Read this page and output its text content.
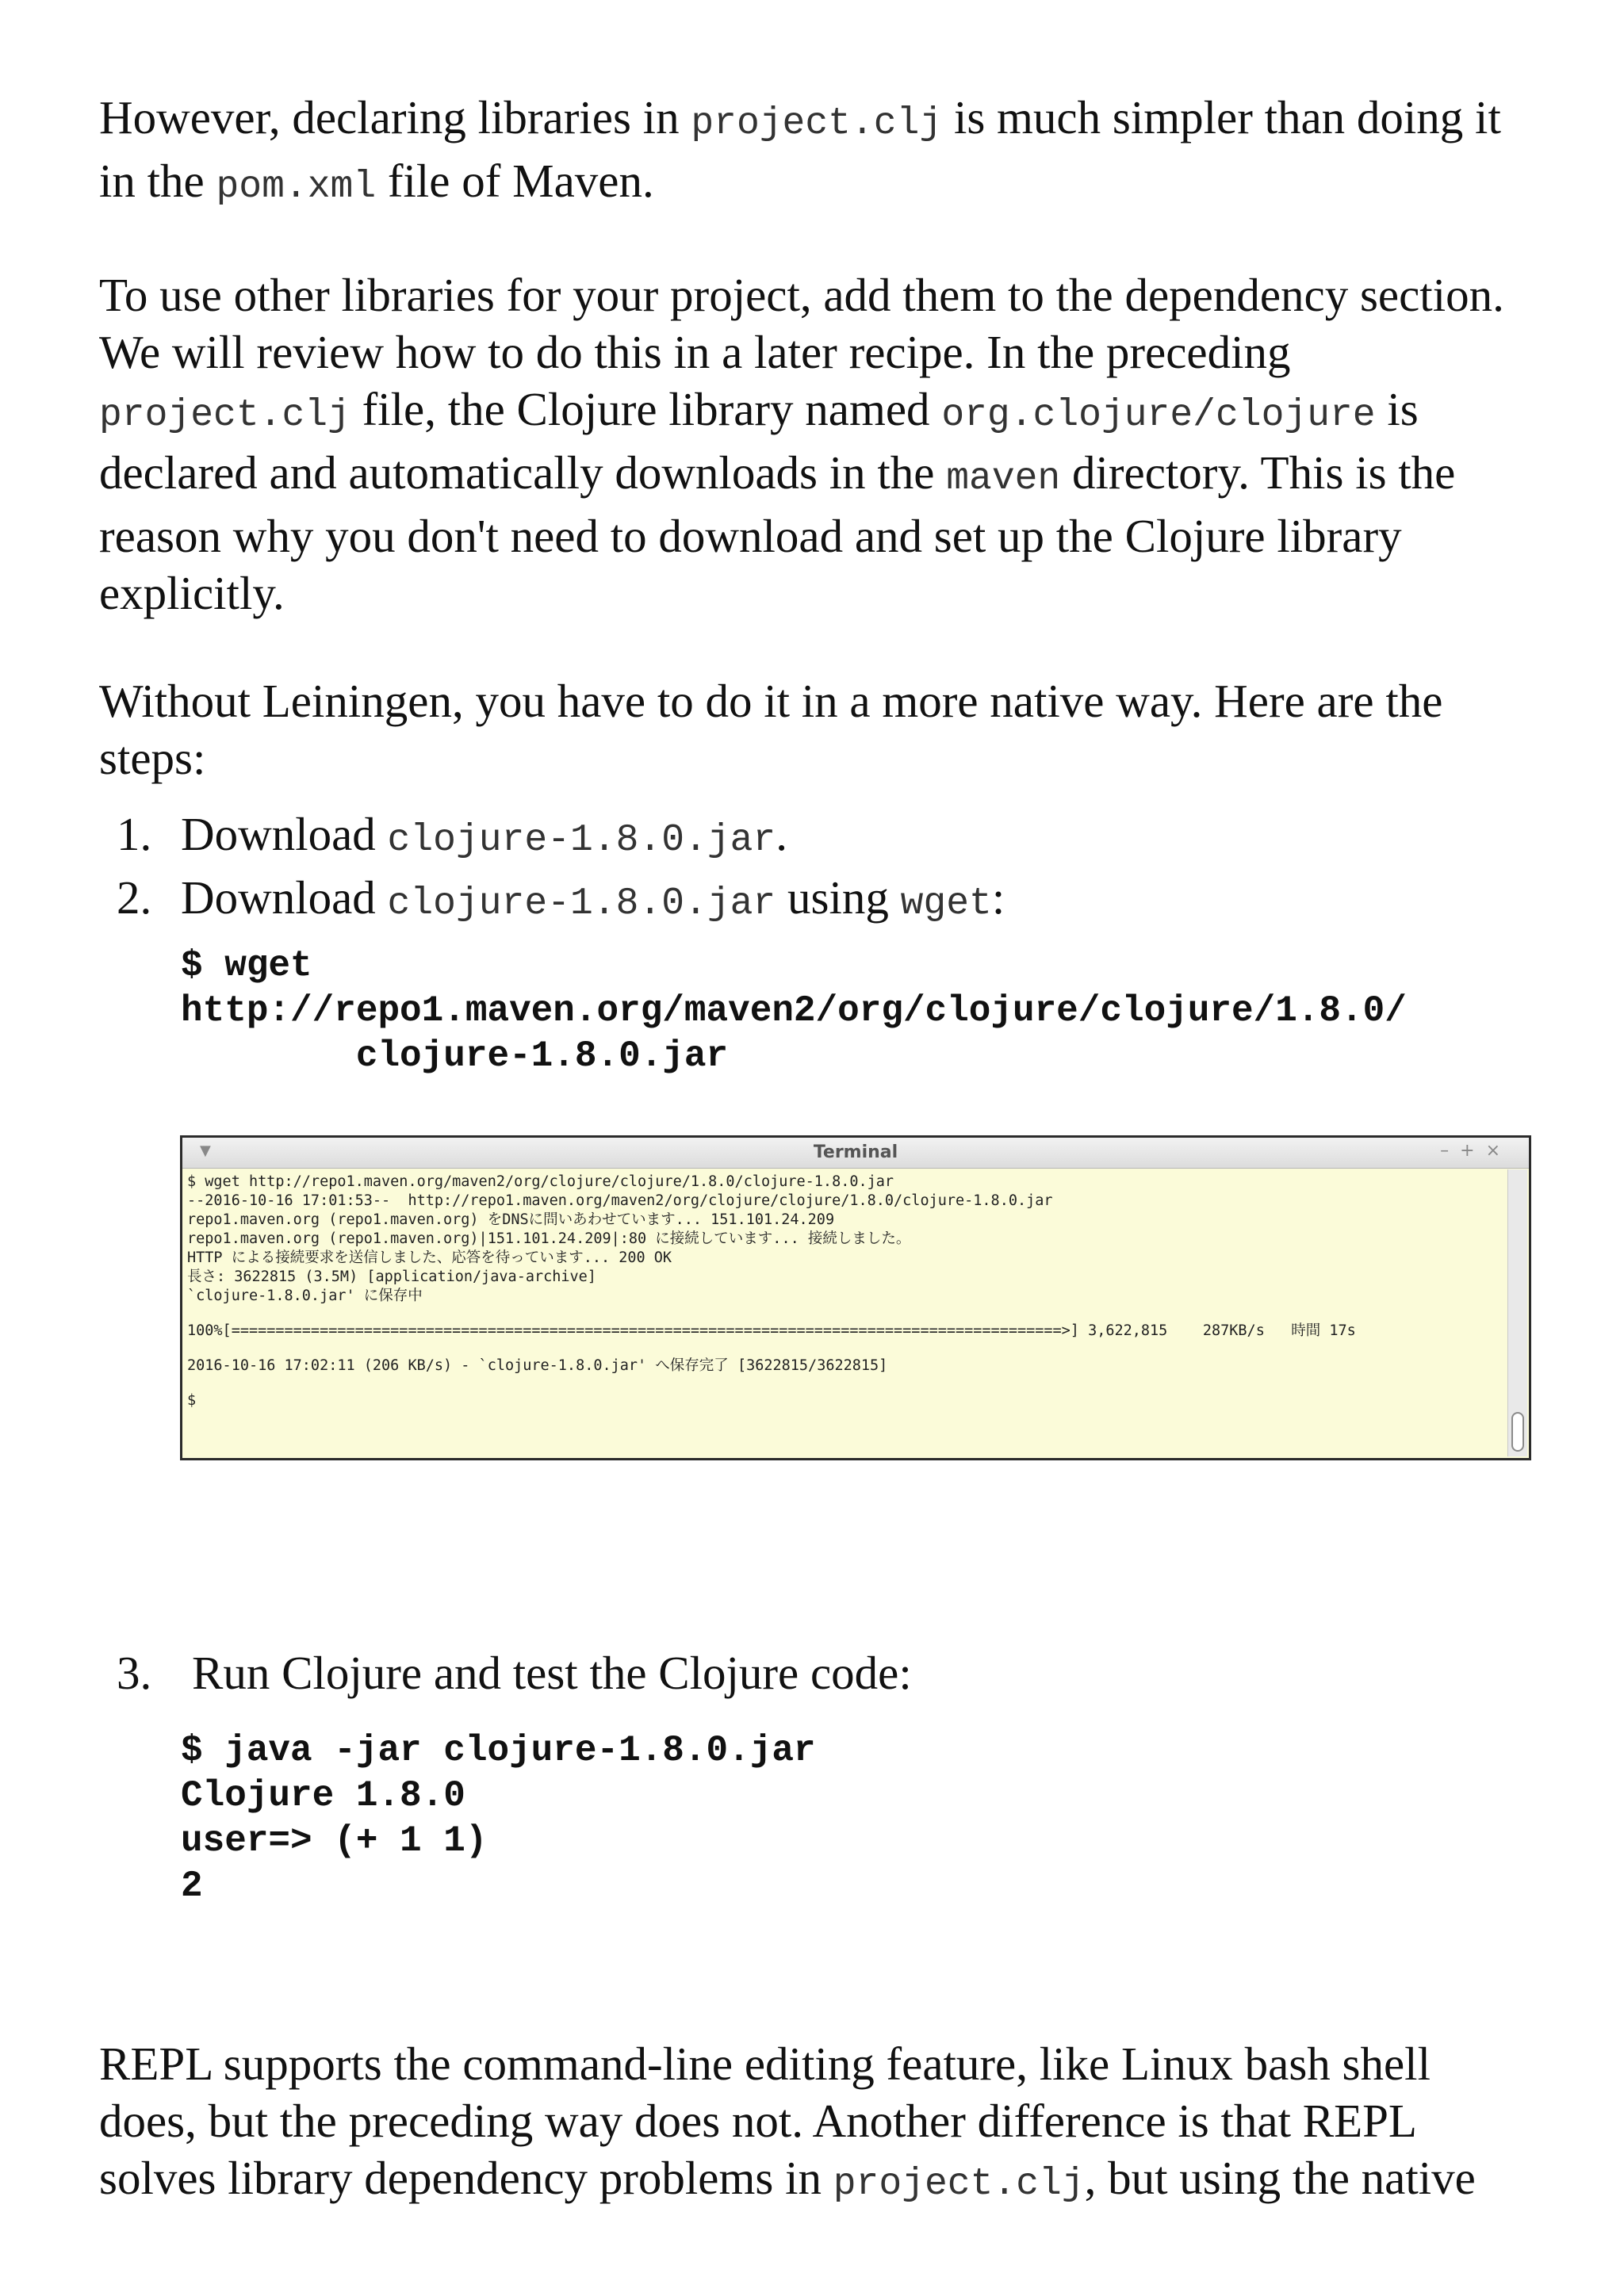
However, declaring libraries in project.clj is much simpler than doing it in the pom.xml file of Maven.

To use other libraries for your project, add them to the dependency section. We will review how to do this in a later recipe. In the preceding project.clj file, the Clojure library named org.clojure/clojure is declared and automatically downloads in the maven directory. This is the reason why you don't need to download and set up the Clojure library explicitly.

Without Leiningen, you have to do it in a more native way. Here are the steps:

1. Download clojure-1.8.0.jar.
2. Download clojure-1.8.0.jar using wget:
$ wget
http://repo1.maven.org/maven2/org/clojure/clojure/1.8.0/
clojure-1.8.0.jar
▼	Terminal	–+×
$ wget http://repo1.maven.org/maven2/org/clojure/clojure/1.8.0/clojure-1.8.0.jar
--2016-10-16 17:01:53--  http://repo1.maven.org/maven2/org/clojure/clojure/1.8.0/clojure-1.8.0.jar
repo1.maven.org (repo1.maven.org) をDNSに問いあわせています... 151.101.24.209
repo1.maven.org (repo1.maven.org)|151.101.24.209|:80 に接続しています... 接続しました。
HTTP による接続要求を送信しました、応答を待っています... 200 OK
長さ: 3622815 (3.5M) [application/java-archive]
`clojure-1.8.0.jar' に保存中
100%[==============================================================================================>] 3,622,815    287KB/s   時間 17s
2016-10-16 17:02:11 (206 KB/s) - `clojure-1.8.0.jar' へ保存完了 [3622815/3622815]
$
3. Run Clojure and test the Clojure code:
$ java -jar clojure-1.8.0.jar
Clojure 1.8.0
user=> (+ 1 1)
2

REPL supports the command-line editing feature, like Linux bash shell does, but the preceding way does not. Another difference is that REPL solves library dependency problems in project.clj, but using the native
